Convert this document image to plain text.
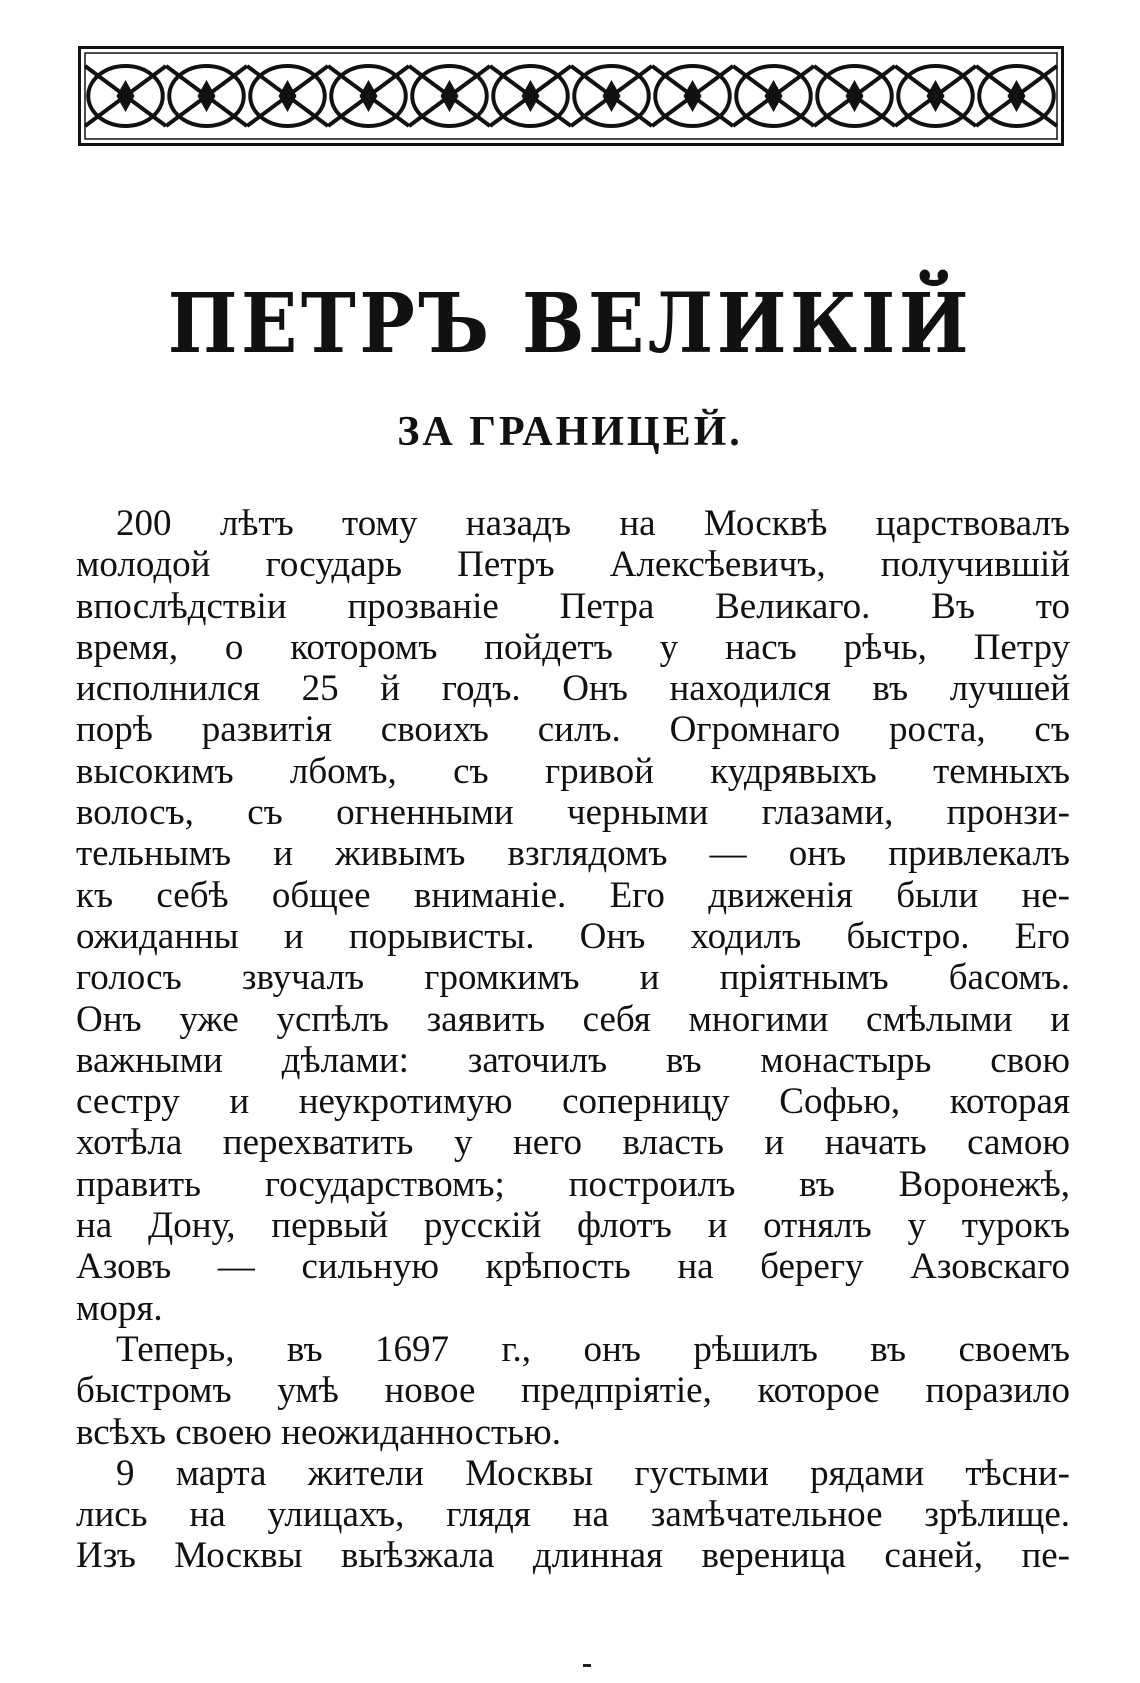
ПЕТРЪ ВЕЛИКІЙ
ЗА ГРАНИЦЕЙ.
200 лѣтъ тому назадъ на Москвѣ царствовалъ
молодой государь Петръ Алексѣевичъ, получившій
впослѣдствіи прозваніе Петра Великаго. Въ то
время, о которомъ пойдетъ у насъ рѣчь, Петру
исполнился 25 й годъ. Онъ находился въ лучшей
порѣ развитія своихъ силъ. Огромнаго роста, съ
высокимъ лбомъ, съ гривой кудрявыхъ темныхъ
волосъ, съ огненными черными глазами, пронзи-
тельнымъ и живымъ взглядомъ — онъ привлекалъ
къ себѣ общее вниманіе. Его движенія были не-
ожиданны и порывисты. Онъ ходилъ быстро. Его
голосъ звучалъ громкимъ и пріятнымъ басомъ.
Онъ уже успѣлъ заявить себя многими смѣлыми и
важными дѣлами: заточилъ въ монастырь свою
сестру и неукротимую соперницу Софью, которая
хотѣла перехватить у него власть и начать самою
править государствомъ; построилъ въ Воронежѣ,
на Дону, первый русскій флотъ и отнялъ у турокъ
Азовъ — сильную крѣпость на берегу Азовскаго
моря.
Теперь, въ 1697 г., онъ рѣшилъ въ своемъ
быстромъ умѣ новое предпріятіе, которое поразило
всѣхъ своею неожиданностью.
9 марта жители Москвы густыми рядами тѣсни-
лись на улицахъ, глядя на замѣчательное зрѣлище.
Изъ Москвы выѣзжала длинная вереница саней, пе-
